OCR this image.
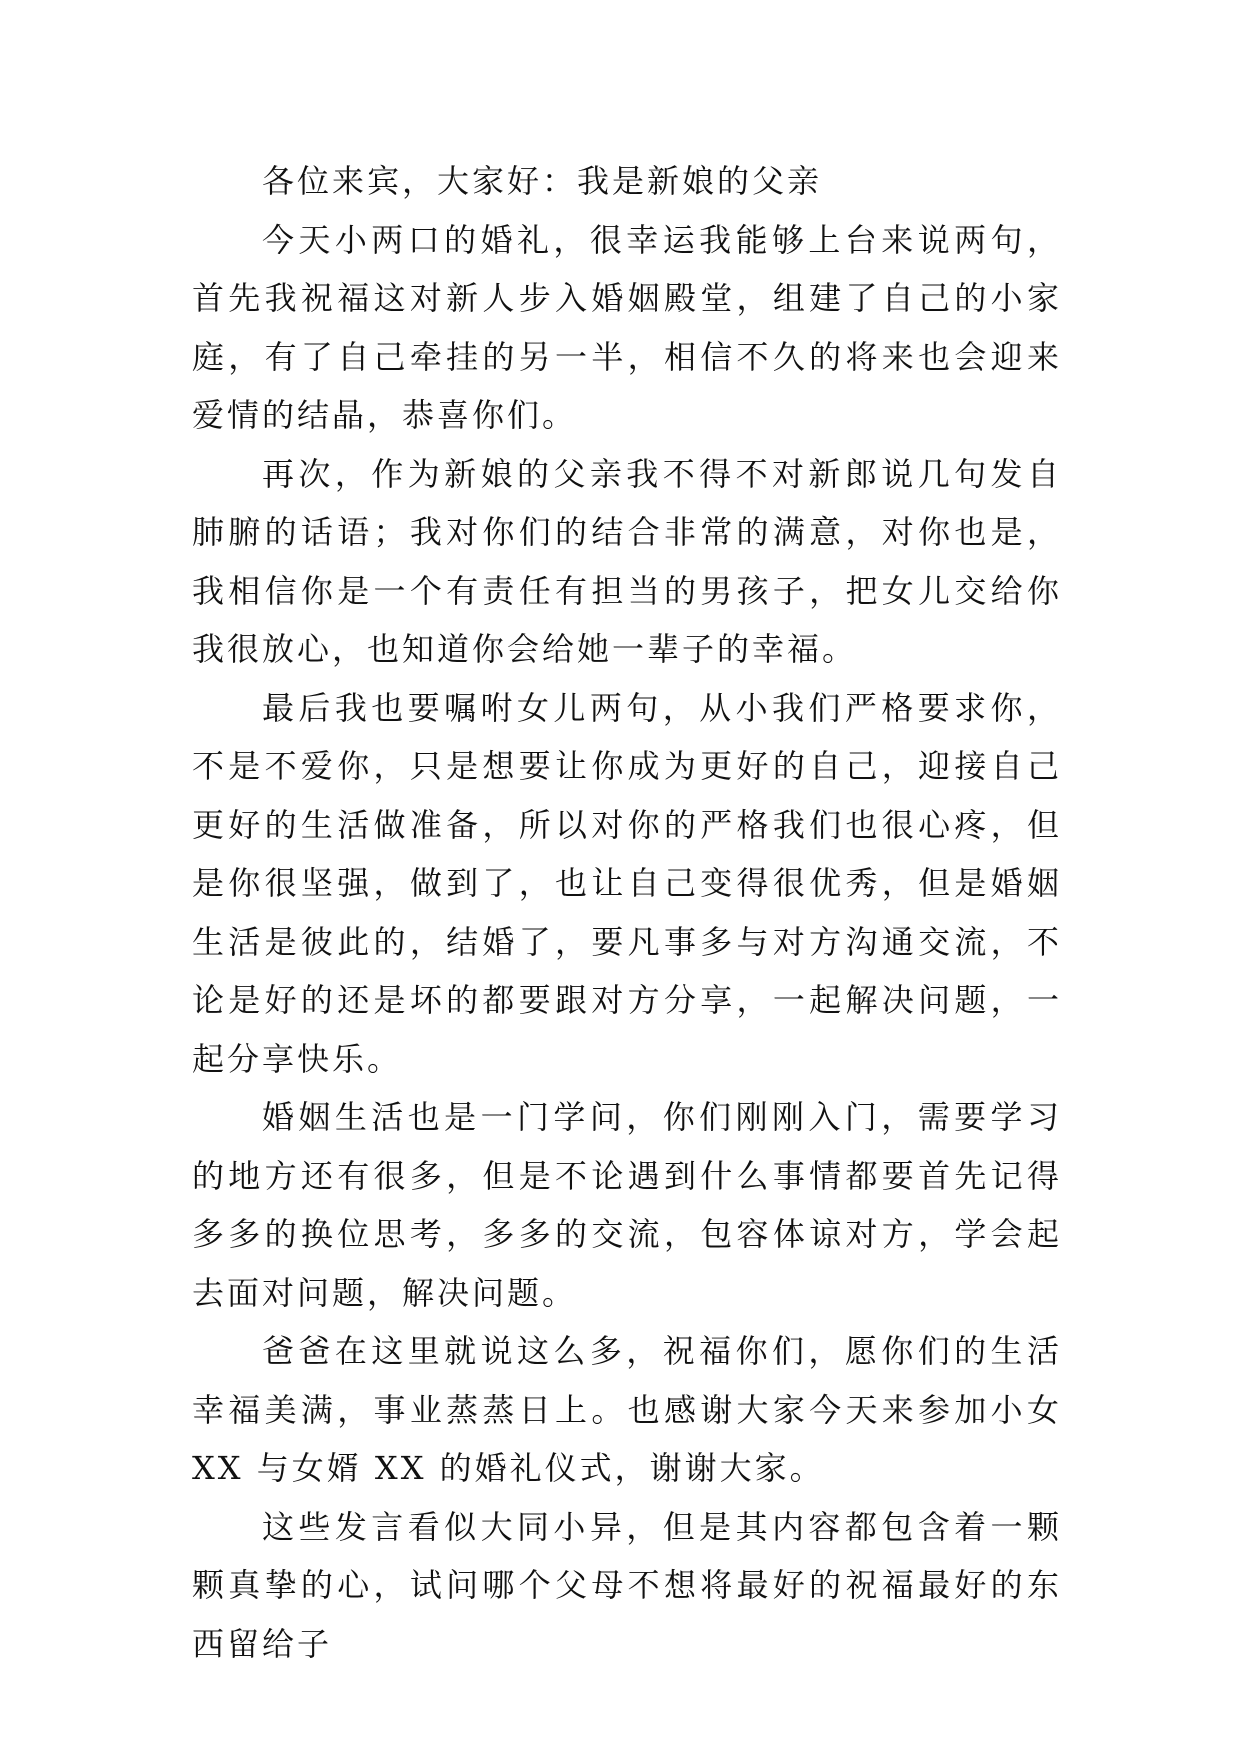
各位来宾，大家好：我是新娘的父亲

今天小两口的婚礼，很幸运我能够上台来说两句，首先我祝福这对新人步入婚姻殿堂，组建了自己的小家庭，有了自己牵挂的另一半，相信不久的将来也会迎来爱情的结晶，恭喜你们。

再次，作为新娘的父亲我不得不对新郎说几句发自肺腑的话语；我对你们的结合非常的满意，对你也是，我相信你是一个有责任有担当的男孩子，把女儿交给你我很放心，也知道你会给她一辈子的幸福。

最后我也要嘱咐女儿两句，从小我们严格要求你，不是不爱你，只是想要让你成为更好的自己，迎接自己更好的生活做准备，所以对你的严格我们也很心疼，但是你很坚强，做到了，也让自己变得很优秀，但是婚姻生活是彼此的，结婚了，要凡事多与对方沟通交流，不论是好的还是坏的都要跟对方分享，一起解决问题，一起分享快乐。

婚姻生活也是一门学问，你们刚刚入门，需要学习的地方还有很多，但是不论遇到什么事情都要首先记得多多的换位思考，多多的交流，包容体谅对方，学会起去面对问题，解决问题。

爸爸在这里就说这么多，祝福你们，愿你们的生活幸福美满，事业蒸蒸日上。也感谢大家今天来参加小女 XX 与女婿 XX 的婚礼仪式，谢谢大家。

这些发言看似大同小异，但是其内容都包含着一颗颗真挚的心，试问哪个父母不想将最好的祝福最好的东西留给子
